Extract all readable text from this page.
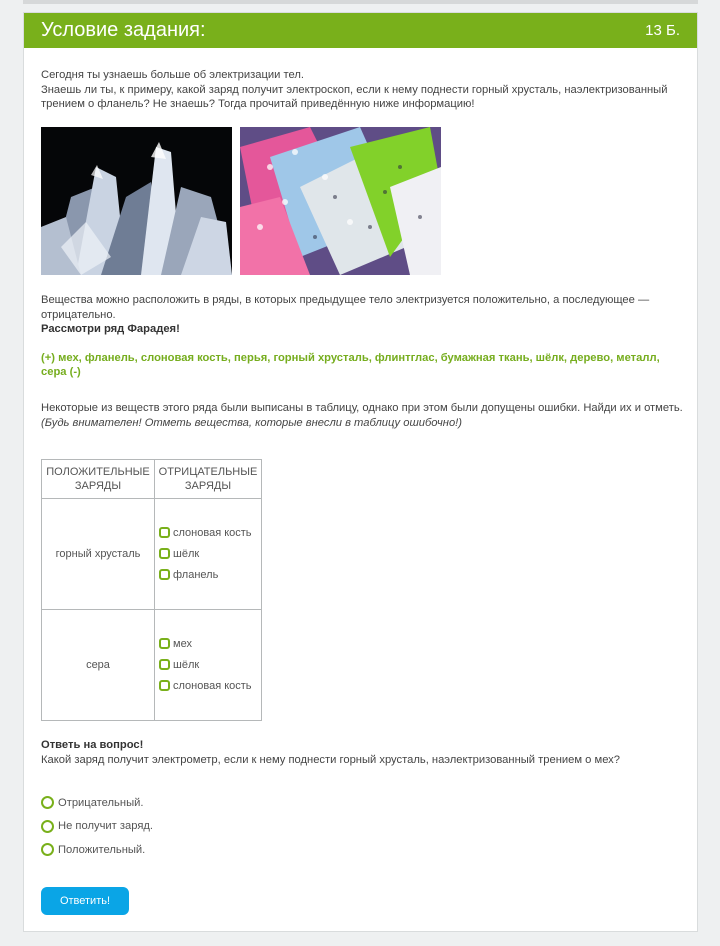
Условие задания:	13 Б.

Сегодня ты узнаешь больше об электризации тел.

Знаешь ли ты, к примеру, какой заряд получит электроскоп, если к нему поднести горный хрусталь, наэлектризованный трением о фланель? Не знаешь? Тогда прочитай приведённую ниже информацию!

Вещества можно расположить в ряды, в которых предыдущее тело электризуется положительно, а последующее — отрицательно.

Рассмотри ряд Фарадея!

(+) мех, фланель, слоновая кость, перья, горный хрусталь, флинтглас, бумажная ткань, шёлк, дерево, металл, сера (-)

Некоторые из веществ этого ряда были выписаны в таблицу, однако при этом были допущены ошибки. Найди их и отметь.

(Будь внимателен! Отметь вещества, которые внесли в таблицу ошибочно!)

ПОЛОЖИТЕЛЬНЫЕ ЗАРЯДЫ	ОТРИЦАТЕЛЬНЫЕ ЗАРЯДЫ
горный хрусталь	слоновая кость
шёлк
фланель

сера	мех
шёлк
слоновая кость

Ответь на вопрос!

Какой заряд получит электрометр, если к нему поднести горный хрусталь, наэлектризованный трением о мех?

Отрицательный.
Не получит заряд.
Положительный.
Ответить!
